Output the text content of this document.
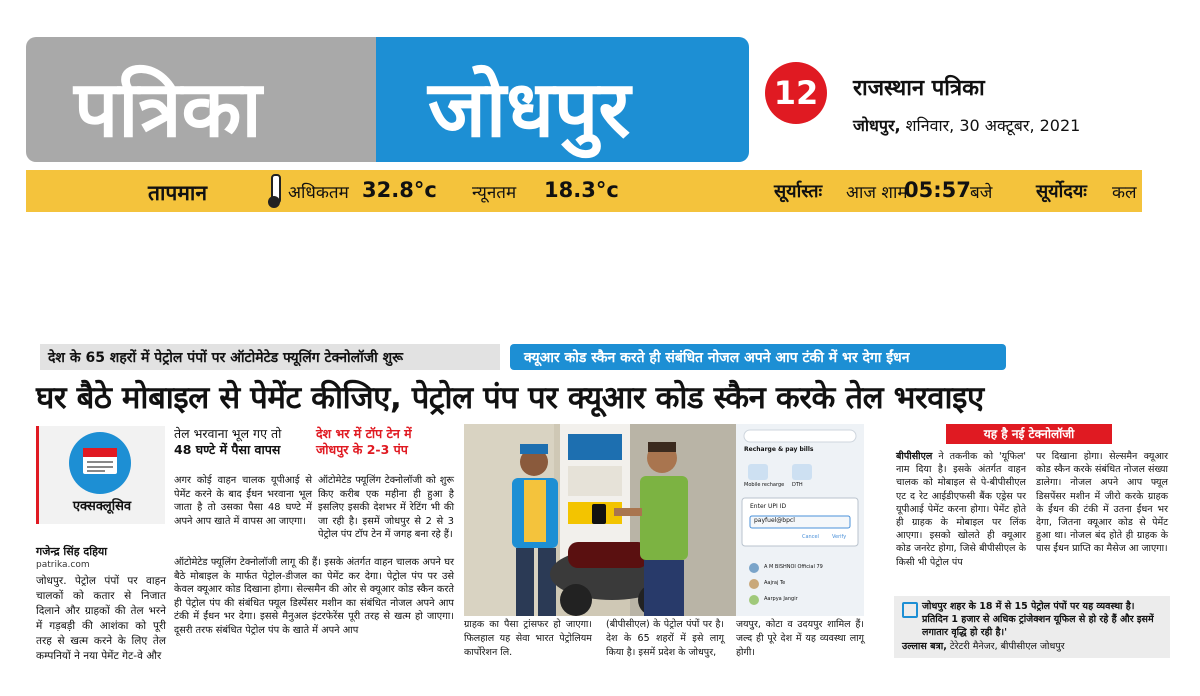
पत्रिका जोधपुर	12	राजस्थान पत्रिका
जोधपुर, शनिवार, 30 अक्टूबर, 2021
तापमान	अधिकतम 32.8°c न्यूनतम 18.3°c	सूर्यास्तः आज शाम
05:57 बजे सूर्योदयः कल
देश के 65 शहरों में पेट्रोल पंपों पर ऑटोमेटेड फ्यूलिंग टेक्नोलॉजी शुरू	क्यूआर कोड स्कैन करते ही संबंधित नोजल अपने आप टंकी में भर देगा ईंधन
घर बैठे मोबाइल से पेमेंट कीजिए, पेट्रोल पंप पर क्यूआर कोड स्कैन करके तेल भरवाइए
एक्सक्लूसिव
गजेन्द्र सिंह दहिया
patrika.com
जोधपुर. पेट्रोल पंपों पर वाहन चालकों को कतार से निजात दिलाने और ग्राहकों की तेल भरने में गड़बड़ी की आशंका को पूरी तरह से खत्म करने के लिए तेल कम्पनियों ने नया पेमेंट गेट-वे और
तेल भरवाना भूल गए तो
48 घण्टे में पैसा वापस
देश भर में टॉप टेन में
जोधपुर के 2-3 पंप
अगर कोई वाहन चालक यूपीआई से पेमेंट करने के बाद ईंधन भरवाना भूल जाता है तो उसका पैसा 48 घण्टे में अपने आप खाते में वापस आ जाएगा।
ऑटोमेटेड फ्यूलिंग टेक्नोलॉजी को शुरू किए करीब एक महीना ही हुआ है इसलिए इसकी देशभर में रेटिंग भी की जा रही है। इसमें जोधपुर से 2 से 3 पेट्रोल पंप टॉप टेन में जगह बना रहे हैं।
ऑटोमेटेड फ्यूलिंग टेक्नोलॉजी लागू की हैं। इसके अंतर्गत वाहन चालक अपने घर बैठे मोबाइल के मार्फत पेट्रोल-डीजल का पेमेंट कर देगा। पेट्रोल पंप पर उसे केवल क्यूआर कोड दिखाना होगा। सेल्समैन की ओर से क्यूआर कोड स्कैन करते ही पेट्रोल पंप की संबंधित फ्यूल डिस्पेंसर मशीन का संबंधित नोजल अपने आप टंकी में ईंधन भर देगा। इससे मैनुअल इंटरफेरेंस पूरी तरह से खत्म हो जाएगा। दूसरी तरफ संबंधित पेट्रोल पंप के खाते में अपने आप
Recharge & pay bills
Mobile recharge DTH
Enter UPI ID
payfuel@bpcl
Cancel	Verify
A M BISHNOI Official 79
Aajraj Te
Aarpya Jangir
ग्राहक का पैसा ट्रांसफर हो जाएगा। फिलहाल यह सेवा भारत पेट्रोलियम कार्पोरेशन लि.
(बीपीसीएल) के पेट्रोल पंपों पर है। देश के 65 शहरों में इसे लागू किया है। इसमें प्रदेश के जोधपुर,
जयपुर, कोटा व उदयपुर शामिल हैं। जल्द ही पूरे देश में यह व्यवस्था लागू होगी।
यह है नई टेक्नोलॉजी
बीपीसीएल ने तकनीक को 'यूफिल' नाम दिया है। इसके अंतर्गत वाहन चालक को मोबाइल से पे-बीपीसीएल एट द रेट आईडीएफसी बैंक एड्रेस पर यूपीआई पेमेंट करना होगा। पेमेंट होते ही ग्राहक के मोबाइल पर लिंक आएगा। इसको खोलते ही क्यूआर कोड जनरेट होगा, जिसे बीपीसीएल के किसी भी पेट्रोल पंप
पर दिखाना होगा। सेल्समैन क्यूआर कोड स्कैन करके संबंधित नोजल संख्या डालेगा। नोजल अपने आप फ्यूल डिसपेंसर मशीन में जीरो करके ग्राहक के ईंधन की टंकी में उतना ईंधन भर देगा, जितना क्यूआर कोड से पेमेंट हुआ था। नोजल बंद होते ही ग्राहक के पास ईंधन प्राप्ति का मैसेज आ जाएगा।
जोधपुर शहर के 18 में से 15 पेट्रोल पंपों पर यह व्यवस्था है। प्रतिदिन 1 हजार से अधिक ट्रांजेक्शन यूफिल से हो रहे हैं और इसमें लगातार वृद्धि हो रही है।'
उल्लास बत्रा, टेरेटरी मैनेजर, बीपीसीएल जोधपुर
